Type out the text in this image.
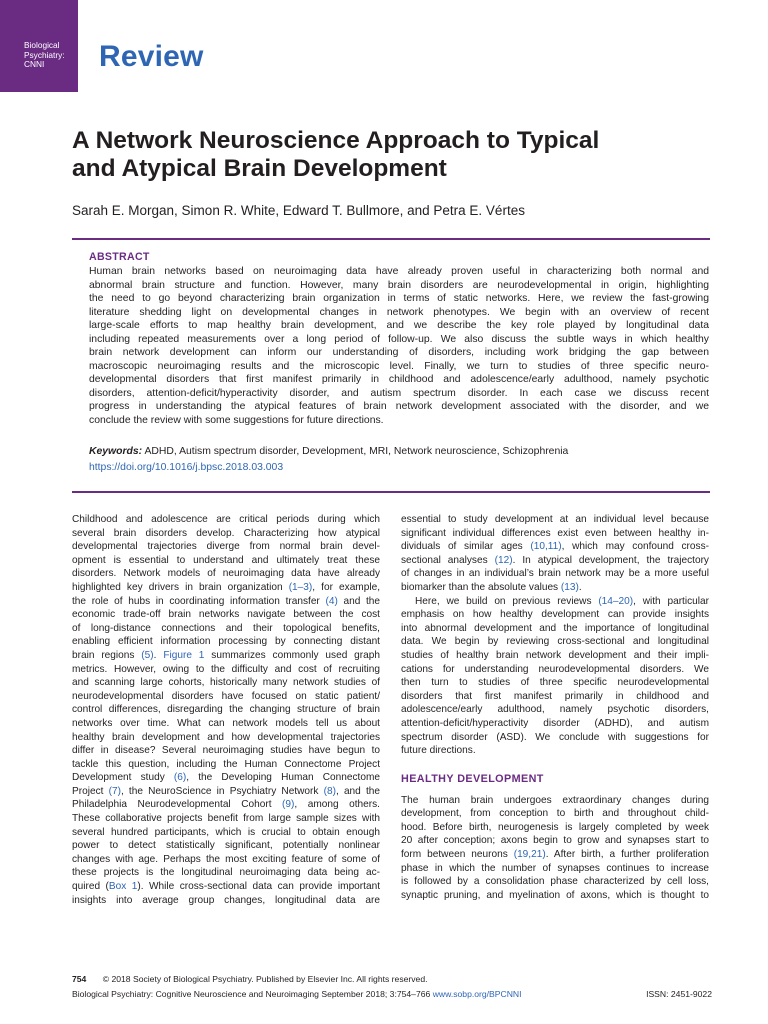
Biological
Psychiatry:
CNNI	Review
A Network Neuroscience Approach to Typical
and Atypical Brain Development
Sarah E. Morgan, Simon R. White, Edward T. Bullmore, and Petra E. Vértes
ABSTRACT
Human brain networks based on neuroimaging data have already proven useful in characterizing both normal and
abnormal brain structure and function. However, many brain disorders are neurodevelopmental in origin, highlighting
the need to go beyond characterizing brain organization in terms of static networks. Here, we review the fast-growing
literature shedding light on developmental changes in network phenotypes. We begin with an overview of recent
large-scale efforts to map healthy brain development, and we describe the key role played by longitudinal data
including repeated measurements over a long period of follow-up. We also discuss the subtle ways in which healthy
brain network development can inform our understanding of disorders, including work bridging the gap between
macroscopic neuroimaging results and the microscopic level. Finally, we turn to studies of three specific neuro-
developmental disorders that first manifest primarily in childhood and adolescence/early adulthood, namely psychotic
disorders, attention-deficit/hyperactivity disorder, and autism spectrum disorder. In each case we discuss recent
progress in understanding the atypical features of brain network development associated with the disorder, and we
conclude the review with some suggestions for future directions.
Keywords: ADHD, Autism spectrum disorder, Development, MRI, Network neuroscience, Schizophrenia
https://doi.org/10.1016/j.bpsc.2018.03.003
Childhood and adolescence are critical periods during which
several brain disorders develop. Characterizing how atypical
developmental trajectories diverge from normal brain devel-
opment is essential to understand and ultimately treat these
disorders. Network models of neuroimaging data have already
highlighted key drivers in brain organization (1–3), for example,
the role of hubs in coordinating information transfer (4) and the
economic trade-off brain networks navigate between the cost
of long-distance connections and their topological benefits,
enabling efficient information processing by connecting distant
brain regions (5). Figure 1 summarizes commonly used graph
metrics. However, owing to the difficulty and cost of recruiting
and scanning large cohorts, historically many network studies of
neurodevelopmental disorders have focused on static patient/
control differences, disregarding the changing structure of brain
networks over time. What can network models tell us about
healthy brain development and how developmental trajectories
differ in disease? Several neuroimaging studies have begun to
tackle this question, including the Human Connectome Project
Development study (6), the Developing Human Connectome
Project (7), the NeuroScience in Psychiatry Network (8), and the
Philadelphia Neurodevelopmental Cohort (9), among others.
These collaborative projects benefit from large sample sizes with
several hundred participants, which is crucial to obtain enough
power to detect statistically significant, potentially nonlinear
changes with age. Perhaps the most exciting feature of some of
these projects is the longitudinal neuroimaging data being ac-
quired (Box 1). While cross-sectional data can provide important
insights into average group changes, longitudinal data are
essential to study development at an individual level because
significant individual differences exist even between healthy in-
dividuals of similar ages (10,11), which may confound cross-
sectional analyses (12). In atypical development, the trajectory
of changes in an individual’s brain network may be a more useful
biomarker than the absolute values (13).
Here, we build on previous reviews (14–20), with particular
emphasis on how healthy development can provide insights
into abnormal development and the importance of longitudinal
data. We begin by reviewing cross-sectional and longitudinal
studies of healthy brain network development and their impli-
cations for understanding neurodevelopmental disorders. We
then turn to studies of three specific neurodevelopmental
disorders that first manifest primarily in childhood and
adolescence/early adulthood, namely psychotic disorders,
attention-deficit/hyperactivity disorder (ADHD), and autism
spectrum disorder (ASD). We conclude with suggestions for
future directions.
HEALTHY DEVELOPMENT
The human brain undergoes extraordinary changes during
development, from conception to birth and throughout child-
hood. Before birth, neurogenesis is largely completed by week
20 after conception; axons begin to grow and synapses start to
form between neurons (19,21). After birth, a further proliferation
phase in which the number of synapses continues to increase
is followed by a consolidation phase characterized by cell loss,
synaptic pruning, and myelination of axons, which is thought to
754 © 2018 Society of Biological Psychiatry. Published by Elsevier Inc. All rights reserved.
Biological Psychiatry: Cognitive Neuroscience and Neuroimaging September 2018; 3:754–766 www.sobp.org/BPCNNI	ISSN: 2451-9022
